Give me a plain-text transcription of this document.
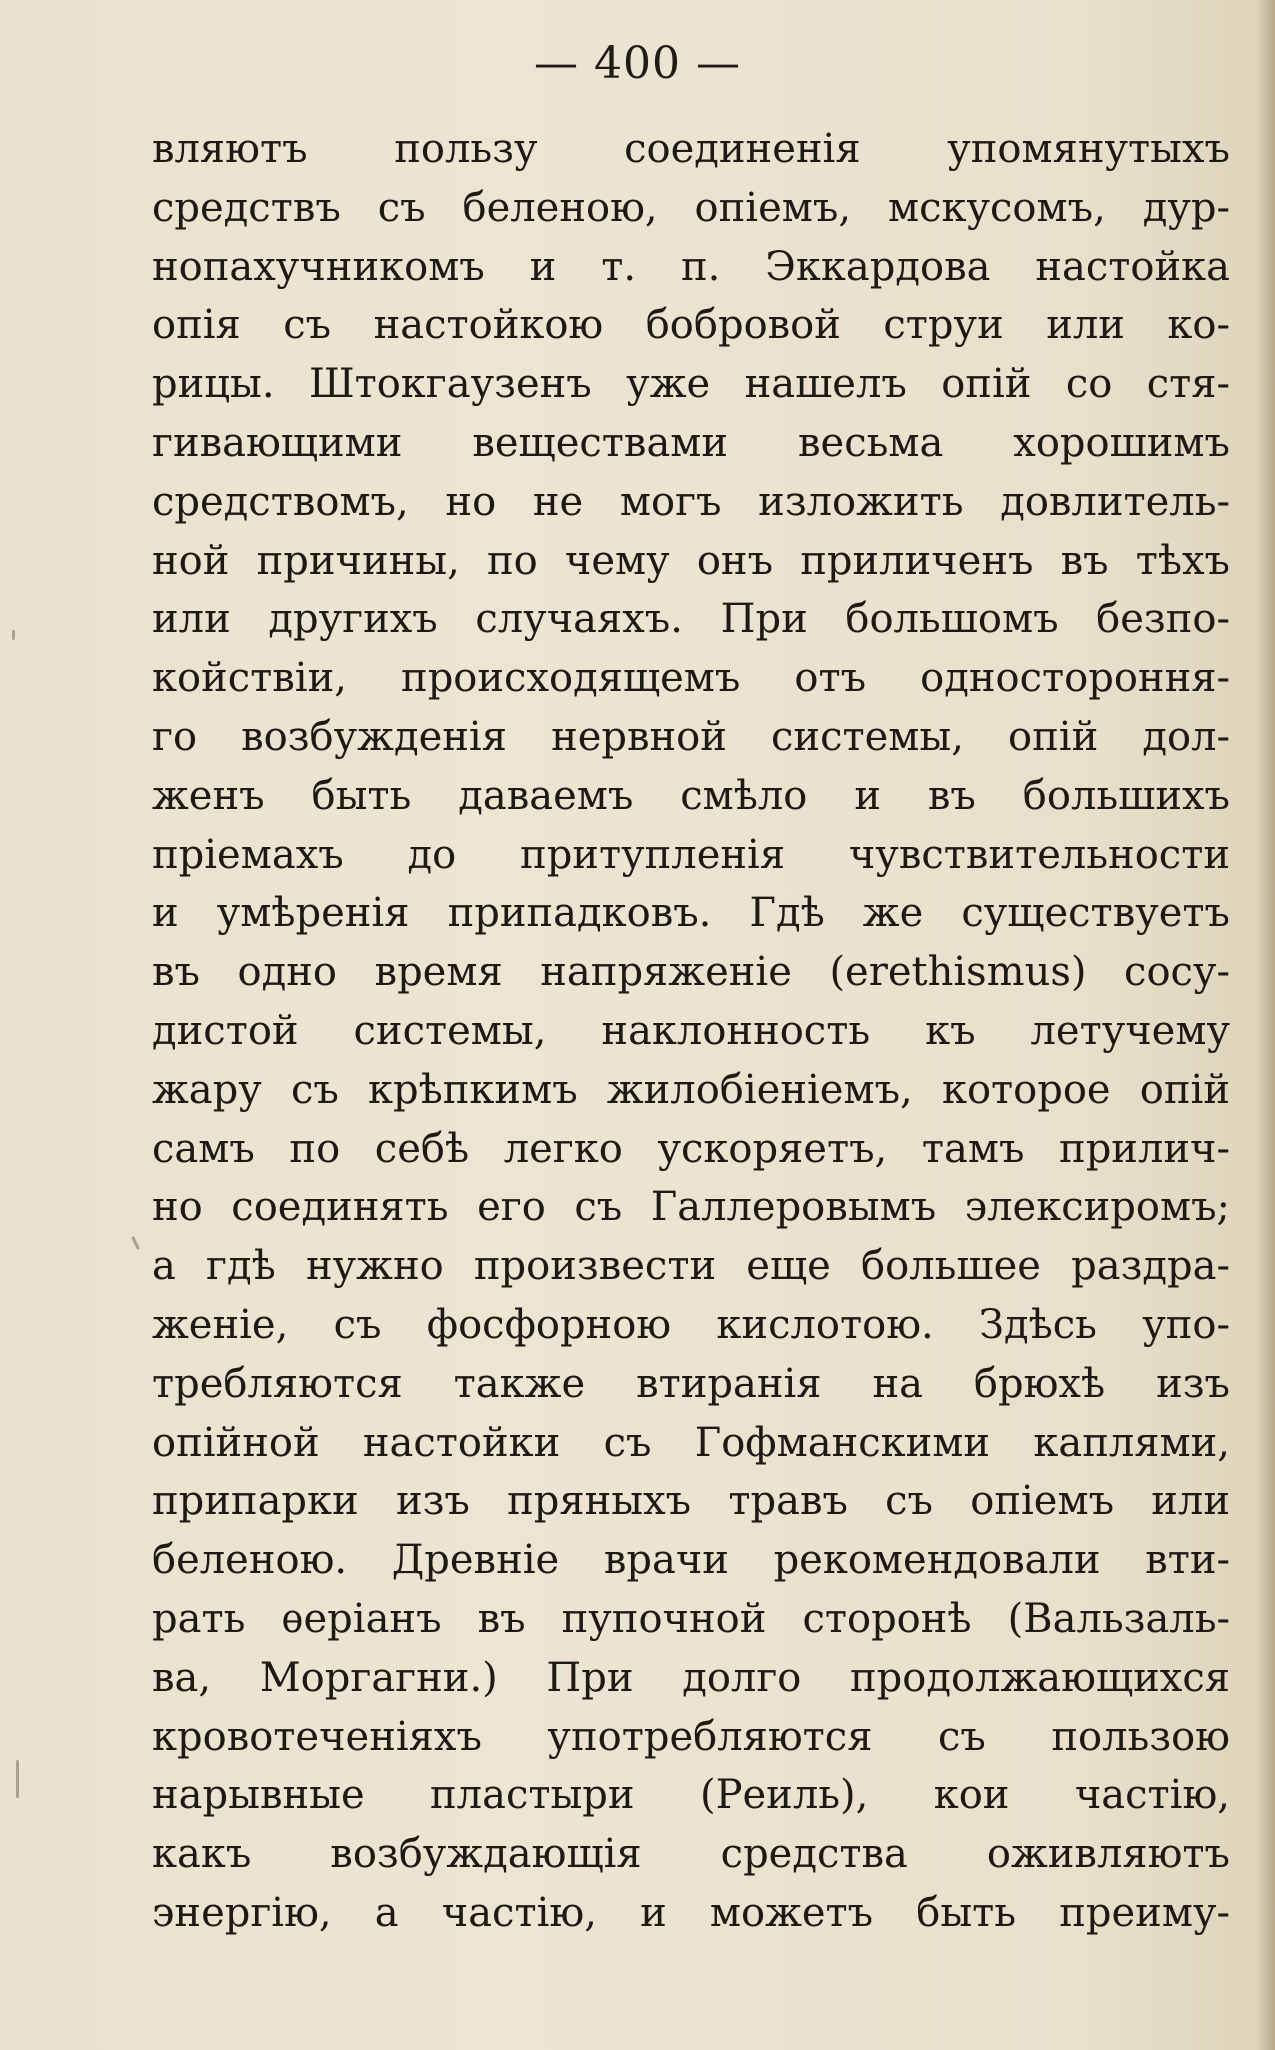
— 400 —
вляютъ пользу соединенія упомянутыхъ
средствъ съ беленою, опіемъ, мскусомъ, дур-
нопахучникомъ и т. п. Эккардова настойка
опія съ настойкою бобровой струи или ко-
рицы. Штокгаузенъ уже нашелъ опій со стя-
гивающими веществами весьма хорошимъ
средствомъ, но не могъ изложить довлитель-
ной причины, по чему онъ приличенъ въ тѣхъ
или другихъ случаяхъ. При большомъ безпо-
койствіи, происходящемъ отъ одностороння-
го возбужденія нервной системы, опій дол-
женъ быть даваемъ смѣло и въ большихъ
пріемахъ до притупленія чувствительности
и умѣренія припадковъ. Гдѣ же существуетъ
въ одно время напряженіе (erethismus) сосу-
дистой системы, наклонность къ летучему
жару съ крѣпкимъ жилобіеніемъ, которое опій
самъ по себѣ легко ускоряетъ, тамъ прилич-
но соединять его съ Галлеровымъ элексиромъ;
а гдѣ нужно произвести еще большее раздра-
женіе, съ фосфорною кислотою. Здѣсь упо-
требляются также втиранія на брюхѣ изъ
опійной настойки съ Гофманскими каплями,
припарки изъ пряныхъ травъ съ опіемъ или
беленою. Древніе врачи рекомендовали вти-
рать ѳеріанъ въ пупочной сторонѣ (Вальзаль-
ва, Моргагни.) При долго продолжающихся
кровотеченіяхъ употребляются съ пользою
нарывные пластыри (Реиль), кои частію,
какъ возбуждающія средства оживляютъ
энергію, а частію, и можетъ быть преиму-
